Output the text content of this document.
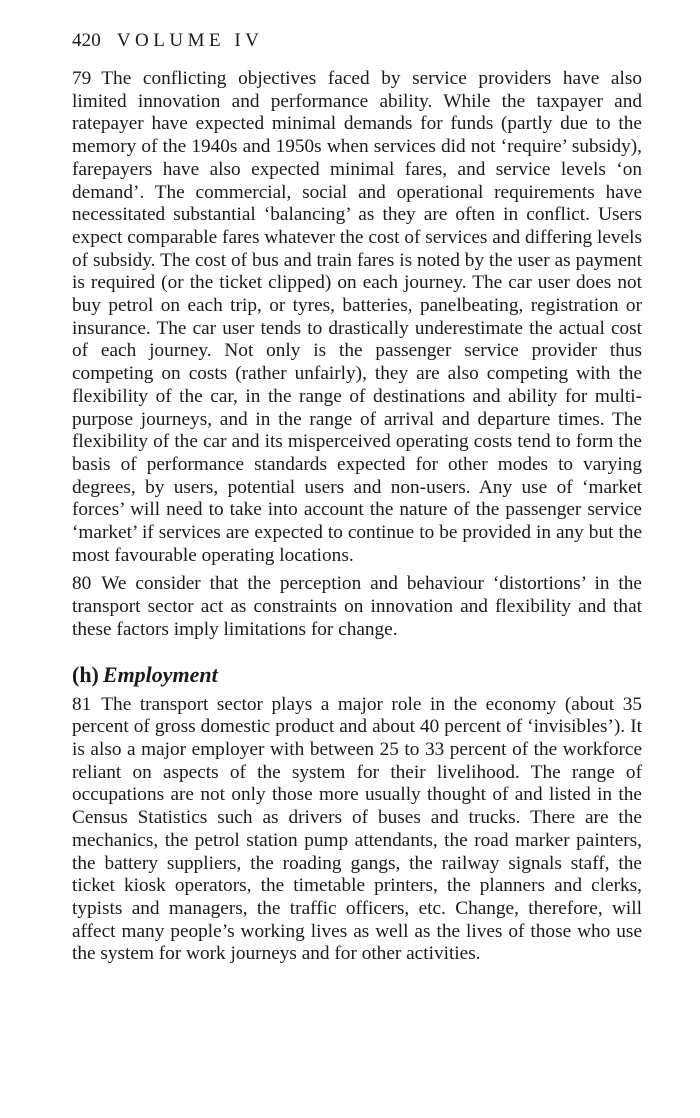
420 VOLUME IV

79 The conflicting objectives faced by service providers have also limited innovation and performance ability. While the taxpayer and ratepayer have expected minimal demands for funds (partly due to the memory of the 1940s and 1950s when services did not ‘require’ subsidy), farepayers have also expected minimal fares, and service levels ‘on demand’. The commercial, social and operational requirements have necessitated substantial ‘balancing’ as they are often in conflict. Users expect comparable fares whatever the cost of services and differing levels of subsidy. The cost of bus and train fares is noted by the user as payment is required (or the ticket clipped) on each journey. The car user does not buy petrol on each trip, or tyres, batteries, panelbeating, registration or insurance. The car user tends to drastically underestimate the actual cost of each journey. Not only is the passenger service provider thus competing on costs (rather unfairly), they are also competing with the flexibility of the car, in the range of destinations and ability for multi-purpose journeys, and in the range of arrival and departure times. The flexibility of the car and its misperceived operating costs tend to form the basis of performance standards expected for other modes to varying degrees, by users, potential users and non-users. Any use of ‘market forces’ will need to take into account the nature of the passenger service ‘market’ if services are expected to continue to be provided in any but the most favourable operating locations.

80 We consider that the perception and behaviour ‘distortions’ in the transport sector act as constraints on innovation and flexibility and that these factors imply limitations for change.

(h) Employment

81 The transport sector plays a major role in the economy (about 35 percent of gross domestic product and about 40 percent of ‘invisibles’). It is also a major employer with between 25 to 33 percent of the workforce reliant on aspects of the system for their livelihood. The range of occupations are not only those more usually thought of and listed in the Census Statistics such as drivers of buses and trucks. There are the mechanics, the petrol station pump attendants, the road marker painters, the battery suppliers, the roading gangs, the railway signals staff, the ticket kiosk operators, the timetable printers, the planners and clerks, typists and managers, the traffic officers, etc. Change, therefore, will affect many people’s working lives as well as the lives of those who use the system for work journeys and for other activities.
